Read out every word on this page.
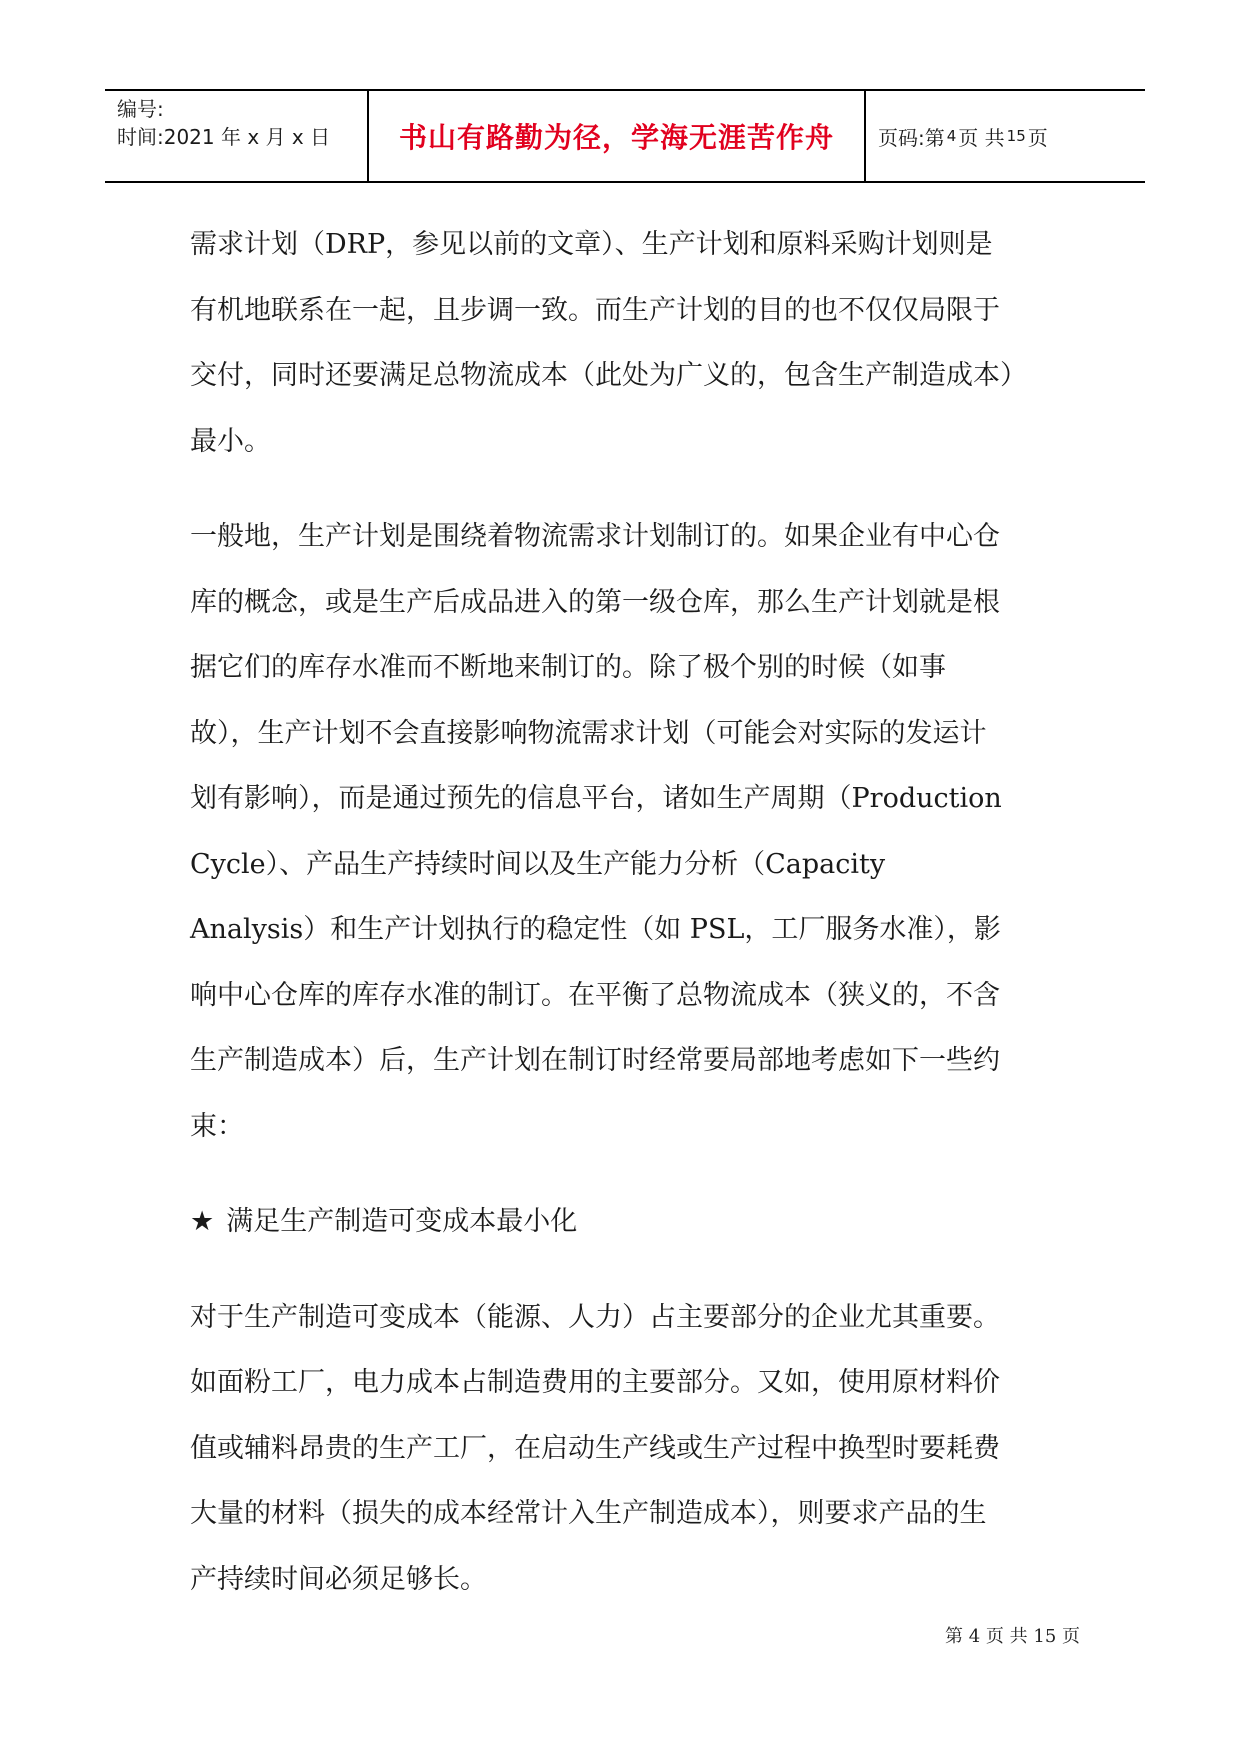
编号:
时间:2021 年 x 月 x 日	书山有路勤为径，学海无涯苦作舟 页码:第 4 页 共 15 页
需求计划（DRP，参见以前的文章）、生产计划和原料采购计划则是
有机地联系在一起，且步调一致。而生产计划的目的也不仅仅局限于
交付，同时还要满足总物流成本（此处为广义的，包含生产制造成本）
最小。
一般地，生产计划是围绕着物流需求计划制订的。如果企业有中心仓
库的概念，或是生产后成品进入的第一级仓库，那么生产计划就是根
据它们的库存水准而不断地来制订的。除了极个别的时候（如事
故），生产计划不会直接影响物流需求计划（可能会对实际的发运计
划有影响），而是通过预先的信息平台，诸如生产周期（Production
Cycle）、产品生产持续时间以及生产能力分析（Capacity
Analysis）和生产计划执行的稳定性（如 PSL，工厂服务水准），影
响中心仓库的库存水准的制订。在平衡了总物流成本（狭义的，不含
生产制造成本）后，生产计划在制订时经常要局部地考虑如下一些约
束：
★ 满足生产制造可变成本最小化
对于生产制造可变成本（能源、人力）占主要部分的企业尤其重要。
如面粉工厂，电力成本占制造费用的主要部分。又如，使用原材料价
值或辅料昂贵的生产工厂，在启动生产线或生产过程中换型时要耗费
大量的材料（损失的成本经常计入生产制造成本），则要求产品的生
产持续时间必须足够长。
第 4 页 共 15 页
